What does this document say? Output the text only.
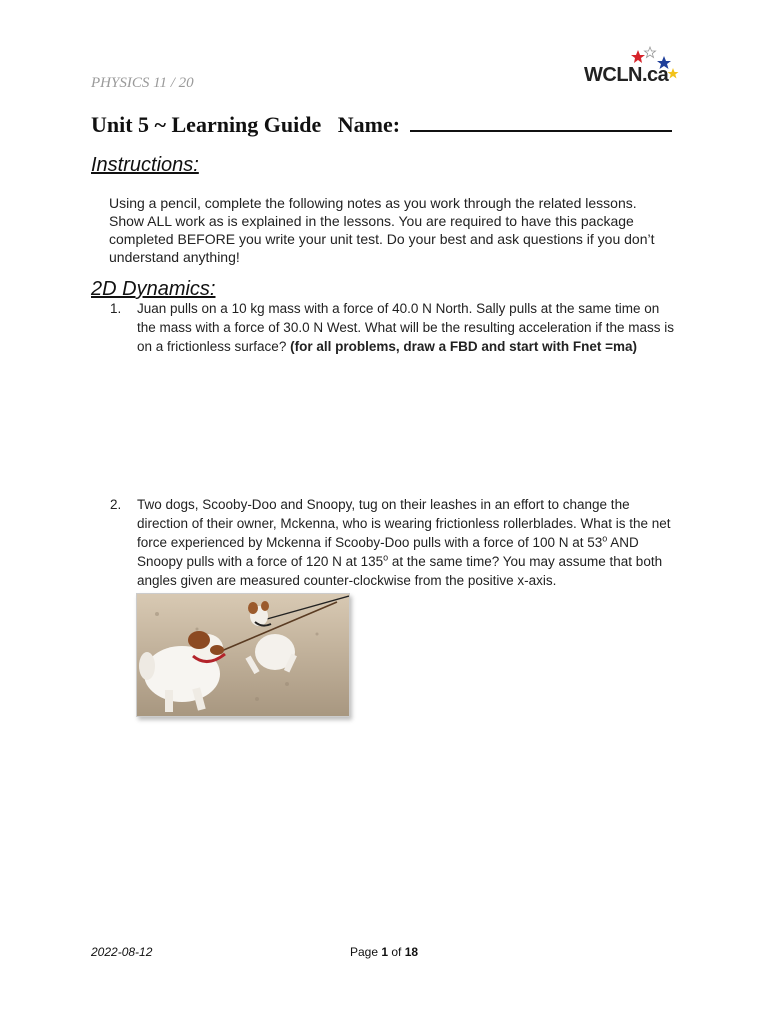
PHYSICS 11 / 20	WCLN.ca
Unit 5 ~ Learning Guide Name:
Instructions:
Using a pencil, complete the following notes as you work through the related lessons. Show ALL work as is explained in the lessons. You are required to have this package completed BEFORE you write your unit test. Do your best and ask questions if you don’t understand anything!
2D Dynamics:
1.	Juan pulls on a 10 kg mass with a force of 40.0 N North. Sally pulls at the same time on the mass with a force of 30.0 N West. What will be the resulting acceleration if the mass is on a frictionless surface? (for all problems, draw a FBD and start with Fnet =ma)
2.	Two dogs, Scooby-Doo and Snoopy, tug on their leashes in an effort to change the direction of their owner, Mckenna, who is wearing frictionless rollerblades. What is the net force experienced by Mckenna if Scooby-Doo pulls with a force of 100 N at 53$^o$ AND Snoopy pulls with a force of 120 N at 135$^o$ at the same time? You may assume that both angles given are measured counter-clockwise from the positive x-axis.
2022-08-12	Page 1 of 18
